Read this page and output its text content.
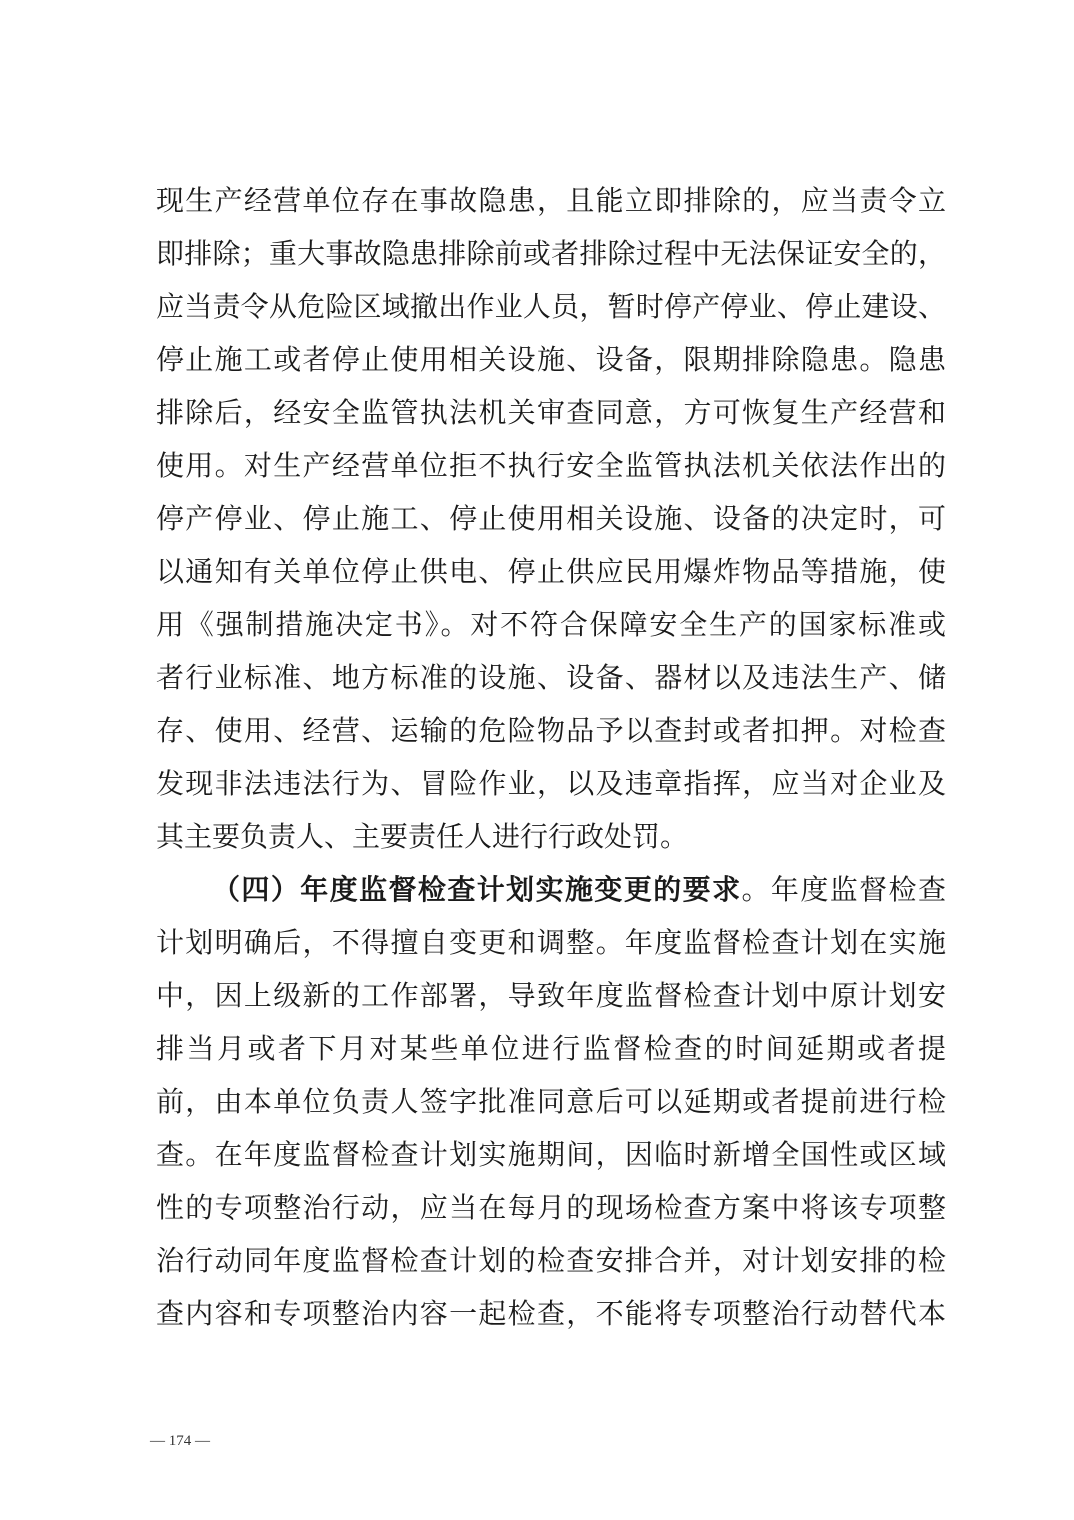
现生产经营单位存在事故隐患，且能立即排除的，应当责令立
即排除；重大事故隐患排除前或者排除过程中无法保证安全的，
应当责令从危险区域撤出作业人员，暂时停产停业、停止建设、
停止施工或者停止使用相关设施、设备，限期排除隐患。隐患
排除后，经安全监管执法机关审查同意，方可恢复生产经营和
使用。对生产经营单位拒不执行安全监管执法机关依法作出的
停产停业、停止施工、停止使用相关设施、设备的决定时，可
以通知有关单位停止供电、停止供应民用爆炸物品等措施，使
用《强制措施决定书》。对不符合保障安全生产的国家标准或
者行业标准、地方标准的设施、设备、器材以及违法生产、储
存、使用、经营、运输的危险物品予以查封或者扣押。对检查
发现非法违法行为、冒险作业，以及违章指挥，应当对企业及
其主要负责人、主要责任人进行行政处罚。
（四）年度监督检查计划实施变更的要求。年度监督检查
计划明确后，不得擅自变更和调整。年度监督检查计划在实施
中，因上级新的工作部署，导致年度监督检查计划中原计划安
排当月或者下月对某些单位进行监督检查的时间延期或者提
前，由本单位负责人签字批准同意后可以延期或者提前进行检
查。在年度监督检查计划实施期间，因临时新增全国性或区域
性的专项整治行动，应当在每月的现场检查方案中将该专项整
治行动同年度监督检查计划的检查安排合并，对计划安排的检
查内容和专项整治内容一起检查，不能将专项整治行动替代本
— 174 —
